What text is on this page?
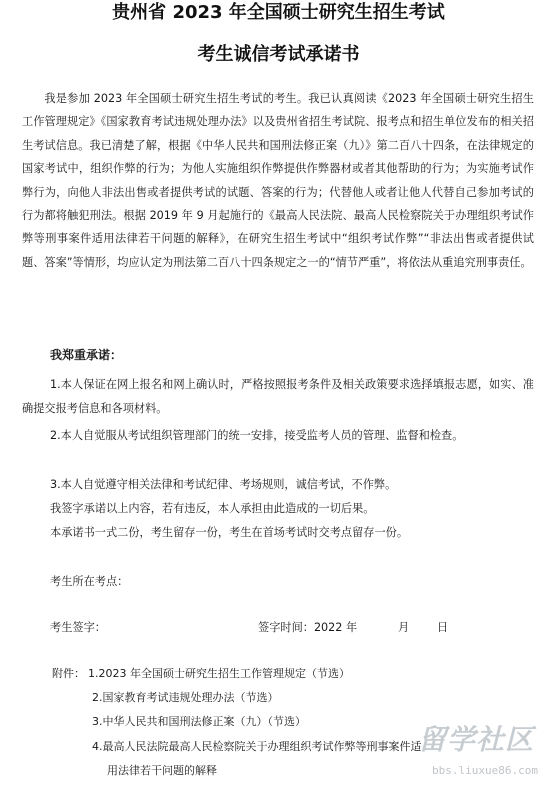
贵州省 2023 年全国硕士研究生招生考试
考生诚信考试承诺书

我是参加 2023 年全国硕士研究生招生考试的考生。我已认真阅读《2023 年全国硕士研究生招生工作管理规定》《国家教育考试违规处理办法》以及贵州省招生考试院、报考点和招生单位发布的相关招生考试信息。我已清楚了解，根据《中华人民共和国刑法修正案（九）》第二百八十四条，在法律规定的国家考试中，组织作弊的行为；为他人实施组织作弊提供作弊器材或者其他帮助的行为；为实施考试作弊行为，向他人非法出售或者提供考试的试题、答案的行为；代替他人或者让他人代替自己参加考试的行为都将触犯刑法。根据 2019 年 9 月起施行的《最高人民法院、最高人民检察院关于办理组织考试作弊等刑事案件适用法律若干问题的解释》，在研究生招生考试中“组织考试作弊”“非法出售或者提供试题、答案”等情形，均应认定为刑法第二百八十四条规定之一的“情节严重”，将依法从重追究刑事责任。

我郑重承诺：

1.本人保证在网上报名和网上确认时，严格按照报考条件及相关政策要求选择填报志愿，如实、准确提交报考信息和各项材料。

2.本人自觉服从考试组织管理部门的统一安排，接受监考人员的管理、监督和检查。

3.本人自觉遵守相关法律和考试纪律、考场规则，诚信考试，不作弊。

我签字承诺以上内容，若有违反，本人承担由此造成的一切后果。

本承诺书一式二份，考生留存一份，考生在首场考试时交考点留存一份。

考生所在考点：

考生签字：	签字时间：2022 年	月 日

附件： 1.2023 年全国硕士研究生招生工作管理规定（节选）
2.国家教育考试违规处理办法（节选）
3.中华人民共和国刑法修正案（九）（节选）
4.最高人民法院最高人民检察院关于办理组织考试作弊等刑事案件适
用法律若干问题的解释
留学社区
bbs.liuxue86.com
